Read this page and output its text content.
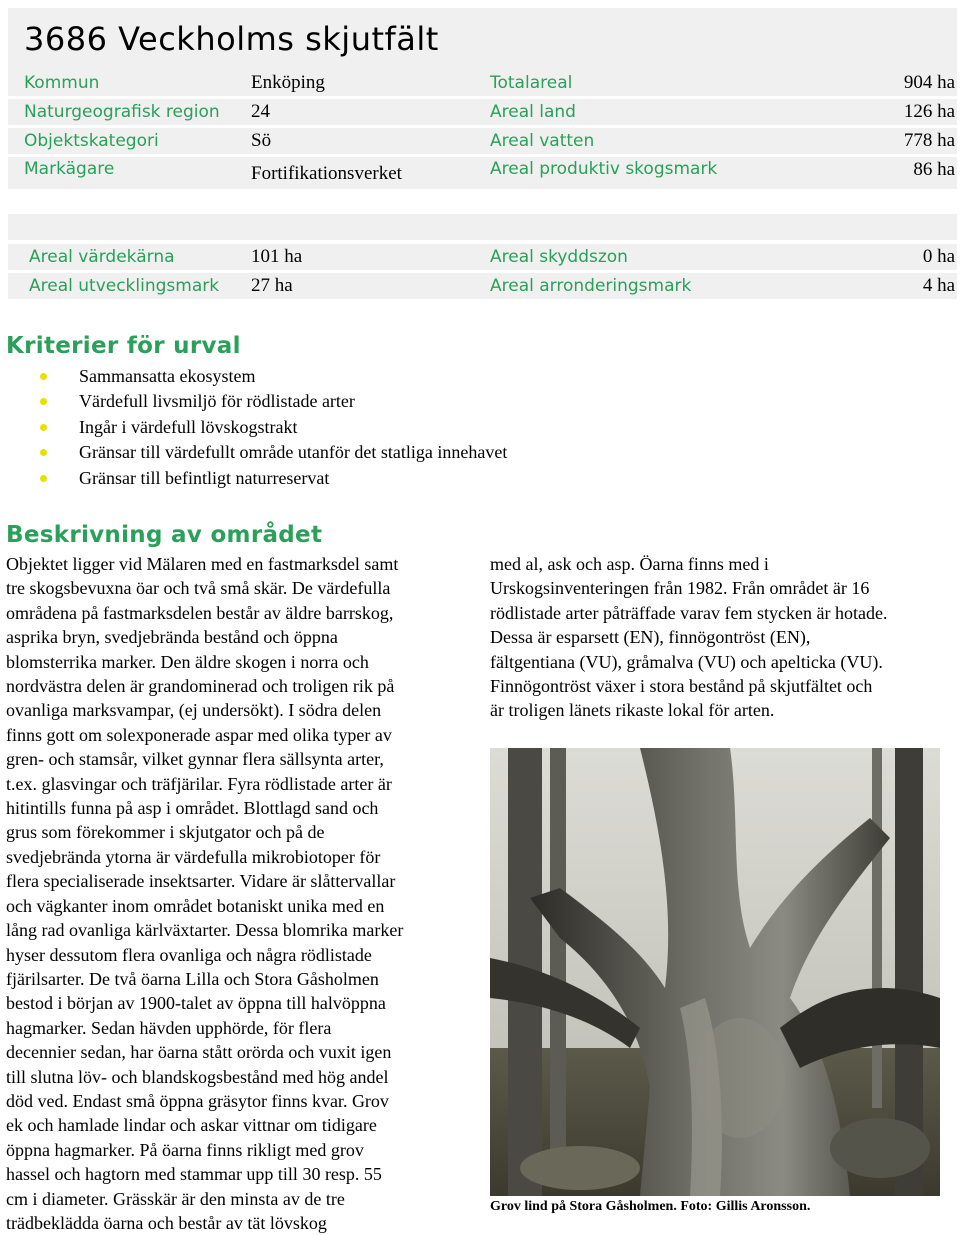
3686 Veckholms skjutfält
Kommun	Enköping	Totalareal	904 ha
Naturgeografisk region 24	Areal land	126 ha
Objektskategori	Sö	Areal vatten	778 ha
Markägare	Fortifikationsverket	Areal produktiv skogsmark	86 ha
Areal värdekärna	101 ha	Areal skyddszon	0 ha
Areal utvecklingsmark 27 ha	Areal arronderingsmark	4 ha
Kriterier för urval
Sammansatta ekosystem
Värdefull livsmiljö för rödlistade arter
Ingår i värdefull lövskogstrakt
Gränsar till värdefullt område utanför det statliga innehavet
Gränsar till befintligt naturreservat
Beskrivning av området
Objektet ligger vid Mälaren med en fastmarksdel samt
tre skogsbevuxna öar och två små skär. De värdefulla
områdena på fastmarksdelen består av äldre barrskog,
asprika bryn, svedjebrända bestånd och öppna
blomsterrika marker. Den äldre skogen i norra och
nordvästra delen är grandominerad och troligen rik på
ovanliga marksvampar, (ej undersökt). I södra delen
finns gott om solexponerade aspar med olika typer av
gren- och stamsår, vilket gynnar flera sällsynta arter,
t.ex. glasvingar och träfjärilar. Fyra rödlistade arter är
hitintills funna på asp i området. Blottlagd sand och
grus som förekommer i skjutgator och på de
svedjebrända ytorna är värdefulla mikrobiotoper för
flera specialiserade insektsarter. Vidare är slåttervallar
och vägkanter inom området botaniskt unika med en
lång rad ovanliga kärlväxtarter. Dessa blomrika marker
hyser dessutom flera ovanliga och några rödlistade
fjärilsarter. De två öarna Lilla och Stora Gåsholmen
bestod i början av 1900-talet av öppna till halvöppna
hagmarker. Sedan hävden upphörde, för flera
decennier sedan, har öarna stått orörda och vuxit igen
till slutna löv- och blandskogsbestånd med hög andel
död ved. Endast små öppna gräsytor finns kvar. Grov
ek och hamlade lindar och askar vittnar om tidigare
öppna hagmarker. På öarna finns rikligt med grov
hassel och hagtorn med stammar upp till 30 resp. 55
cm i diameter. Grässkär är den minsta av de tre
trädbeklädda öarna och består av tät lövskog
med al, ask och asp. Öarna finns med i
Urskogsinventeringen från 1982. Från området är 16
rödlistade arter påträffade varav fem stycken är hotade.
Dessa är esparsett (EN), finnögontröst (EN),
fältgentiana (VU), gråmalva (VU) och apelticka (VU).
Finnögontröst växer i stora bestånd på skjutfältet och
är troligen länets rikaste lokal för arten.
Grov lind på Stora Gåsholmen. Foto: Gillis Aronsson.
